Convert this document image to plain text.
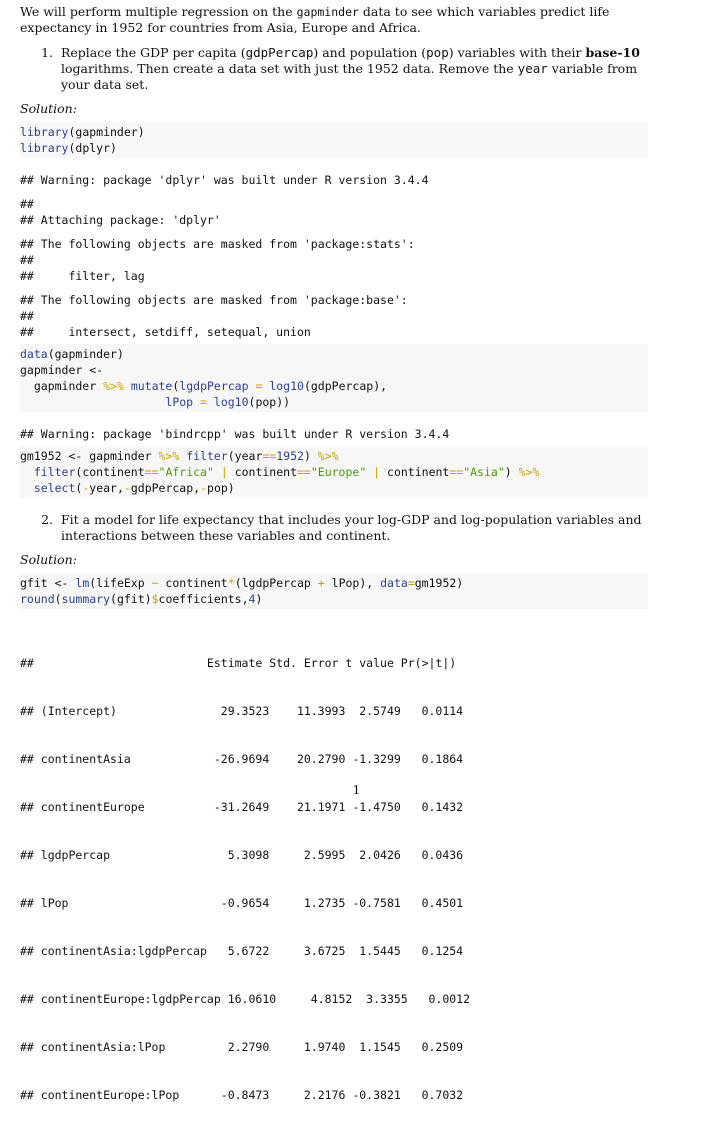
We will perform multiple regression on the gapminder data to see which variables predict life expectancy in 1952 for countries from Asia, Europe and Africa.

1. Replace the GDP per capita (gdpPercap) and population (pop) variables with their base-10 logarithms. Then create a data set with just the 1952 data. Remove the year variable from your data set.

Solution:

library(gapminder)
library(dplyr)
## Warning: package 'dplyr' was built under R version 3.4.4
##
## Attaching package: 'dplyr'
## The following objects are masked from 'package:stats':
##
##     filter, lag
## The following objects are masked from 'package:base':
##
##     intersect, setdiff, setequal, union
data(gapminder)
gapminder <-
gapminder %>% mutate(lgdpPercap = log10(gdpPercap),
lPop = log10(pop))
## Warning: package 'bindrcpp' was built under R version 3.4.4
gm1952 <- gapminder %>% filter(year==1952) %>%
filter(continent=="Africa" | continent=="Europe" | continent=="Asia") %>%
select(-year,-gdpPercap,-pop)
2. Fit a model for life expectancy that includes your log-GDP and log-population variables and interactions between these variables and continent.

Solution:

gfit <- lm(lifeExp ~ continent*(lgdpPercap + lPop), data=gm1952)
round(summary(gfit)$coefficients,4)

##                         Estimate Std. Error t value Pr(>|t|)

## (Intercept)               29.3523    11.3993  2.5749   0.0114

## continentAsia            -26.9694    20.2790 -1.3299   0.1864

## continentEurope          -31.2649    21.1971 -1.4750   0.1432

## lgdpPercap                 5.3098     2.5995  2.0426   0.0436

## lPop                      -0.9654     1.2735 -0.7581   0.4501

## continentAsia:lgdpPercap   5.6722     3.6725  1.5445   0.1254

## continentEurope:lgdpPercap 16.0610     4.8152  3.3355   0.0012

## continentAsia:lPop         2.2790     1.9740  1.1545   0.2509

## continentEurope:lPop      -0.8473     2.2176 -0.3821   0.7032

1
